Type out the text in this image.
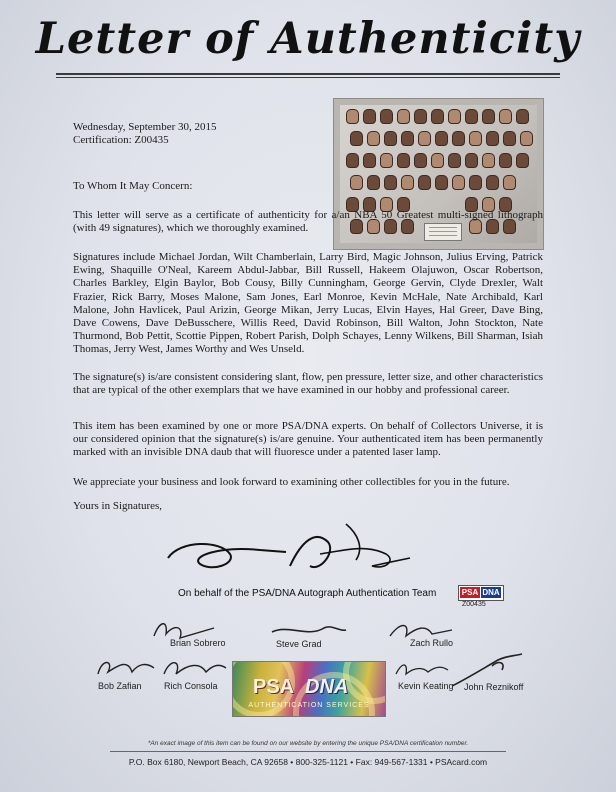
Letter of Authenticity
Wednesday, September 30, 2015
Certification: Z00435
To Whom It May Concern:
This letter will serve as a certificate of authenticity for a/an NBA 50 Greatest multi-signed lithograph (with 49 signatures), which we thoroughly examined.
Signatures include Michael Jordan, Wilt Chamberlain, Larry Bird, Magic Johnson, Julius Erving, Patrick Ewing, Shaquille O'Neal, Kareem Abdul-Jabbar, Bill Russell, Hakeem Olajuwon, Oscar Robertson, Charles Barkley, Elgin Baylor, Bob Cousy, Billy Cunningham, George Gervin, Clyde Drexler, Walt Frazier, Rick Barry, Moses Malone, Sam Jones, Earl Monroe, Kevin McHale, Nate Archibald, Karl Malone, John Havlicek, Paul Arizin, George Mikan, Jerry Lucas, Elvin Hayes, Hal Greer, Dave Bing, Dave Cowens, Dave DeBusschere, Willis Reed, David Robinson, Bill Walton, John Stockton, Nate Thurmond, Bob Pettit, Scottie Pippen, Robert Parish, Dolph Schayes, Lenny Wilkens, Bill Sharman, Isiah Thomas, Jerry West, James Worthy and Wes Unseld.
The signature(s) is/are consistent considering slant, flow, pen pressure, letter size, and other characteristics that are typical of the other exemplars that we have examined in our hobby and professional career.
This item has been examined by one or more PSA/DNA experts. On behalf of Collectors Universe, it is our considered opinion that the signature(s) is/are genuine. Your authenticated item has been permanently marked with an invisible DNA daub that will fluoresce under a patented laser lamp.
We appreciate your business and look forward to examining other collectibles for you in the future.
Yours in Signatures,
On behalf of the PSA/DNA Autograph Authentication Team	PSA DNA
Z00435
Brian Sobrero	Steve Grad	Zach Rullo
Bob Zafian Rich Consola	Kevin Keating John Reznikoff
PSA DNA
AUTHENTICATION SERVICES
*An exact image of this item can be found on our website by entering the unique PSA/DNA certification number.
P.O. Box 6180, Newport Beach, CA 92658 • 800-325-1121 • Fax: 949-567-1331 • PSAcard.com
